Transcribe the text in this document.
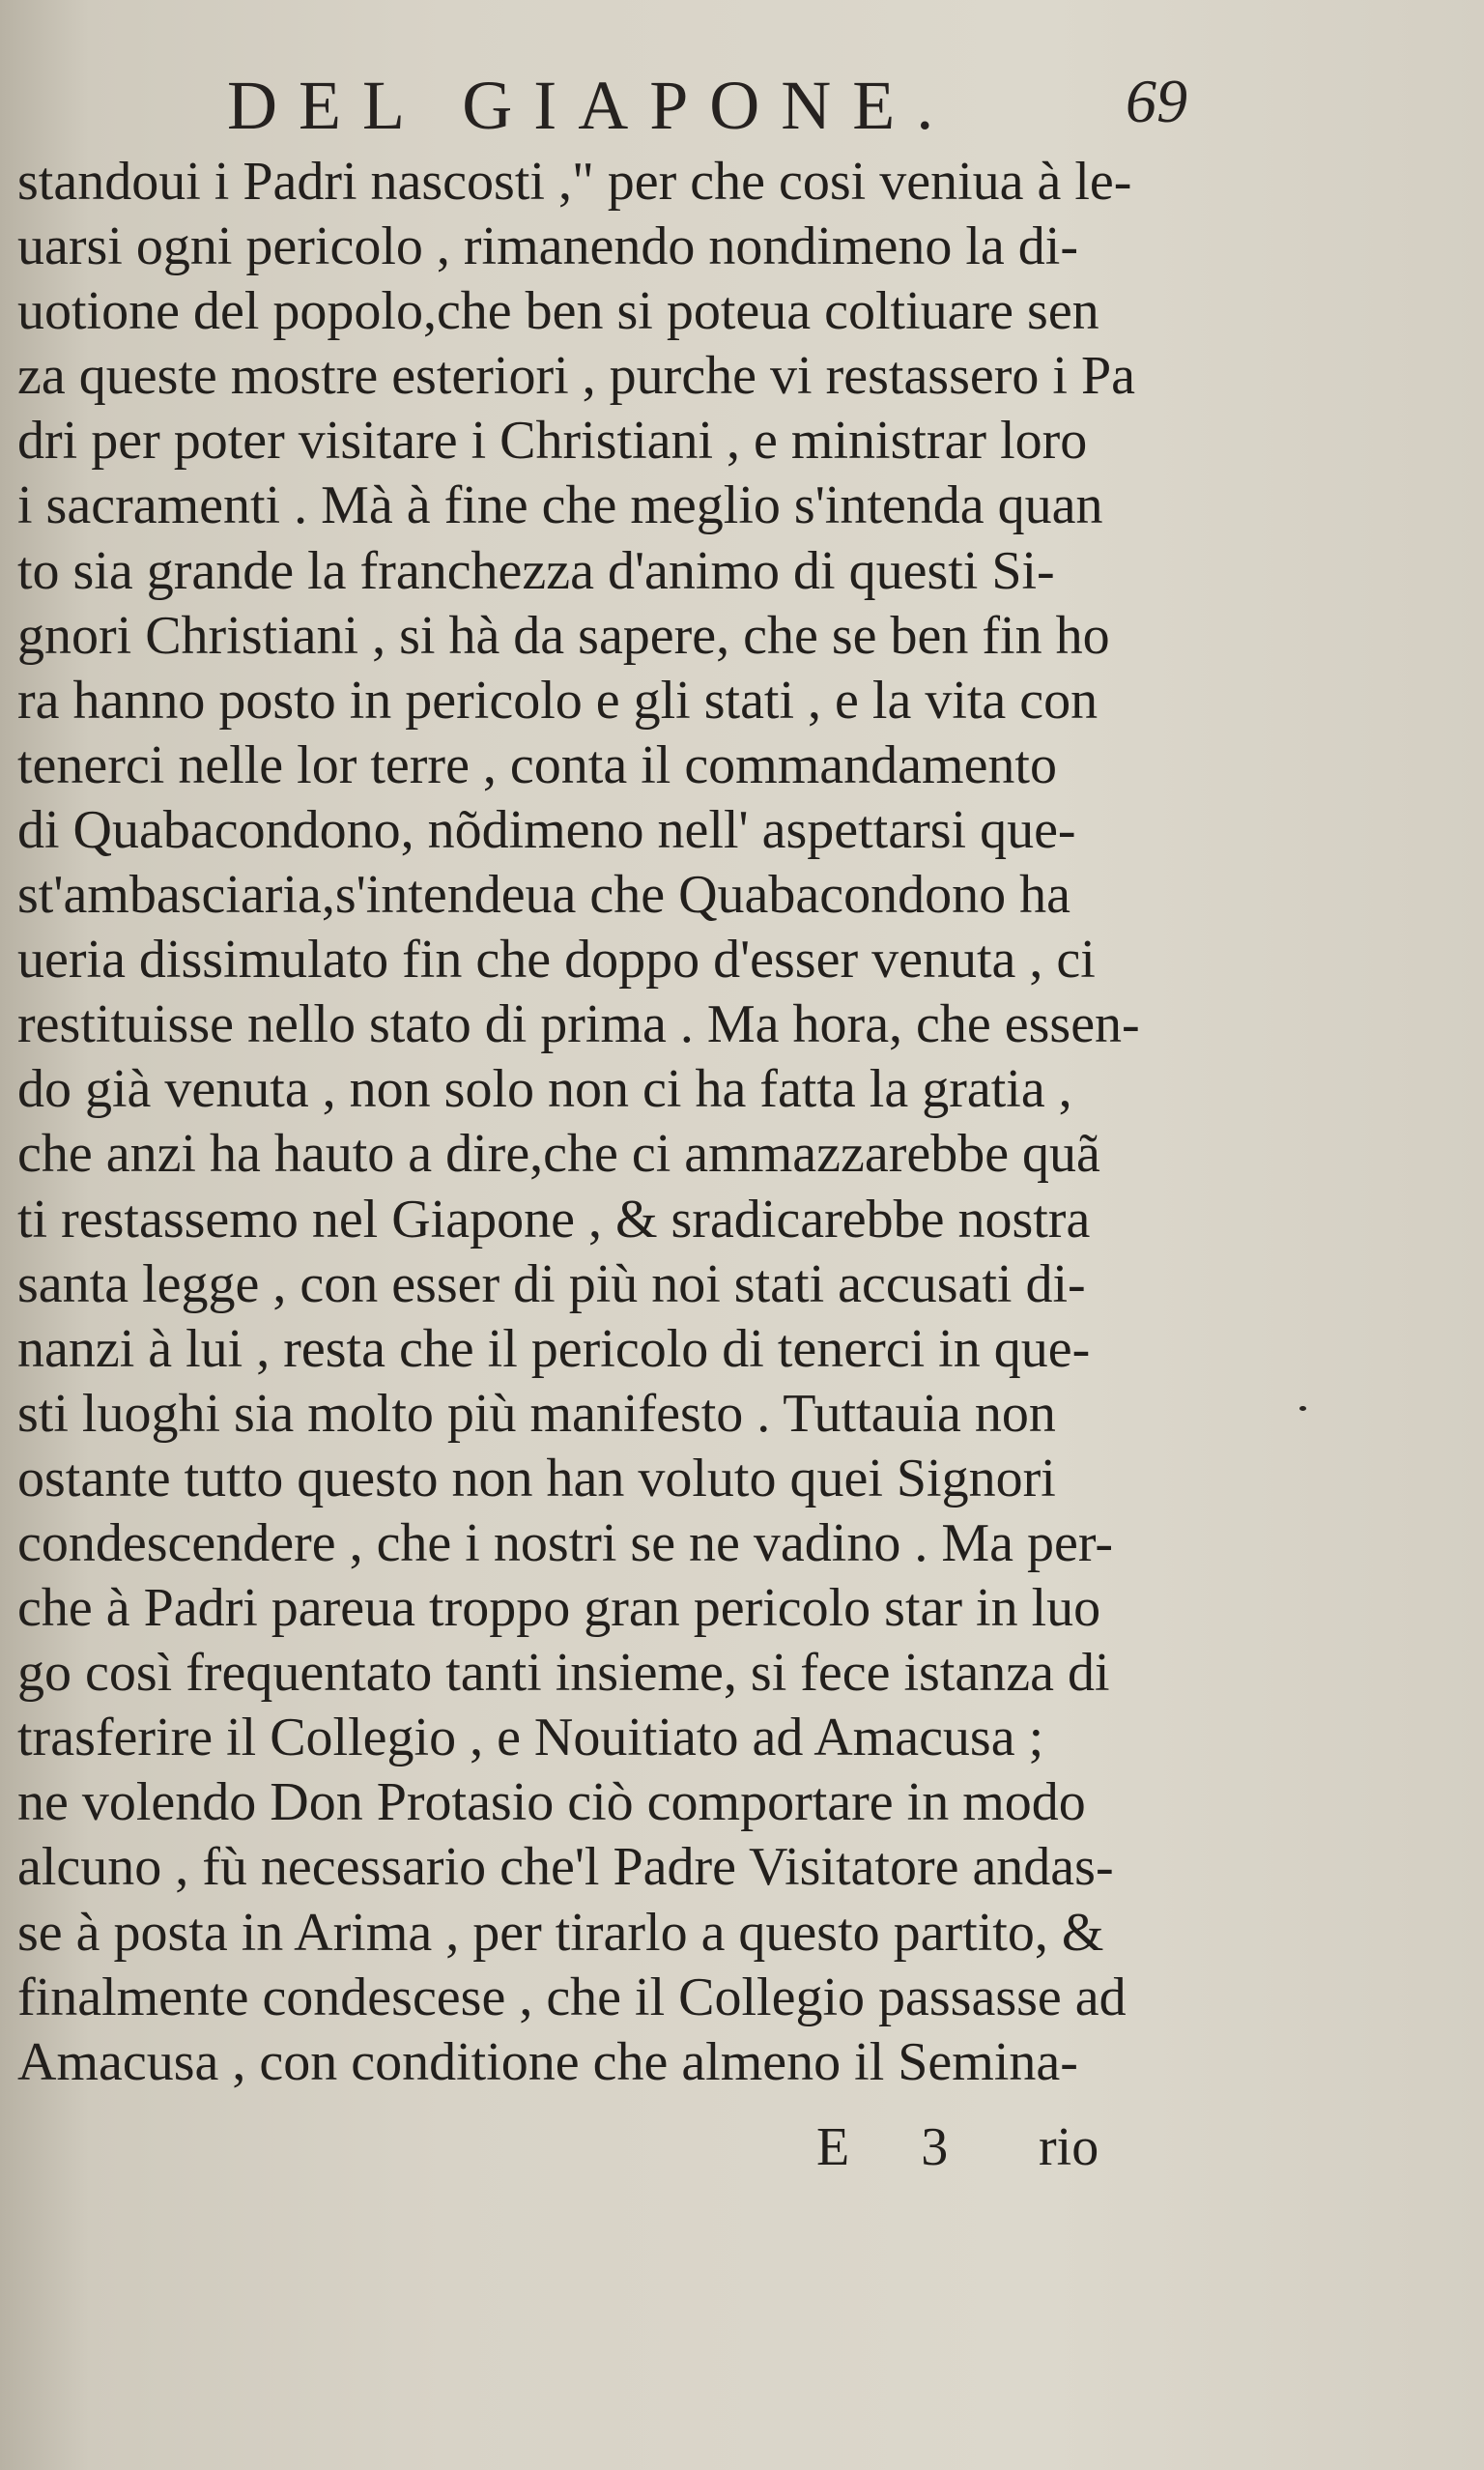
DEL GIAPONE.	69
standoui i Padri nascosti ," per che cosi veniua à le-
uarsi ogni pericolo , rimanendo nondimeno la di-
uotione del popolo,che ben si poteua coltiuare sen
za queste mostre esteriori , purche vi restassero i Pa
dri per poter visitare i Christiani , e ministrar loro
i sacramenti . Mà à fine che meglio s'intenda quan
to sia grande la franchezza d'animo di questi Si-
gnori Christiani , si hà da sapere, che se ben fin ho
ra hanno posto in pericolo e gli stati , e la vita con
tenerci nelle lor terre , conta il commandamento
di Quabacondono, nõdimeno nell' aspettarsi que-
st'ambasciaria,s'intendeua che Quabacondono ha
ueria dissimulato fin che doppo d'esser venuta , ci
restituisse nello stato di prima . Ma hora, che essen-
do già venuta , non solo non ci ha fatta la gratia ,
che anzi ha hauto a dire,che ci ammazzarebbe quã
ti restassemo nel Giapone , & sradicarebbe nostra
santa legge , con esser di più noi stati accusati di-
nanzi à lui , resta che il pericolo di tenerci in que-
sti luoghi sia molto più manifesto . Tuttauia non
ostante tutto questo non han voluto quei Signori
condescendere , che i nostri se ne vadino . Ma per-
che à Padri pareua troppo gran pericolo star in luo
go così frequentato tanti insieme, si fece istanza di
trasferire il Collegio , e Nouitiato ad Amacusa ;
ne volendo Don Protasio ciò comportare in modo
alcuno , fù necessario che'l Padre Visitatore andas-
se à posta in Arima , per tirarlo a questo partito, &
finalmente condescese , che il Collegio passasse ad
Amacusa , con conditione che almeno il Semina-
E 3 rio
